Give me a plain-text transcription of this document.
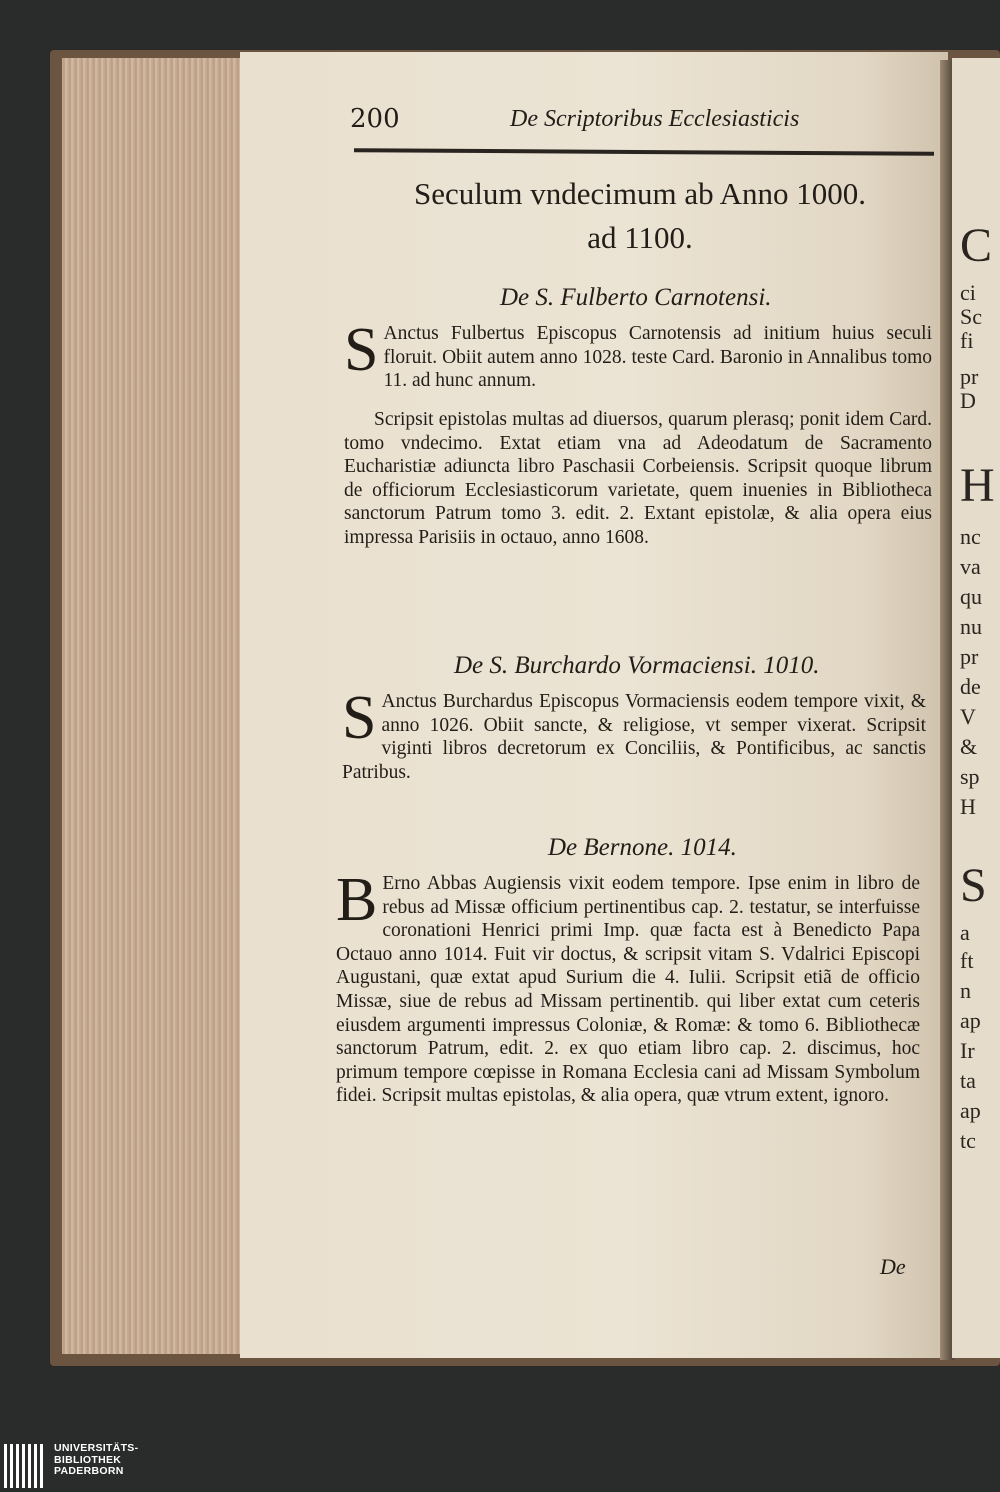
C
ci
Sc
fi
pr
D
H
nc
va
qu
nu
pr
de
V
&
sp
H
S
a
ft
n
ap
Ir
ta
ap
tc
200	De Scriptoribus Ecclesiasticis
Seculum vndecimum ab Anno 1000.
ad 1100.
De S. Fulberto Carnotensi.
S Anctus Fulbertus Episcopus Carnotensis ad initium huius seculi floruit. Obiit autem anno 1028. teste Card. Baronio in Annalibus tomo 11. ad hunc annum.
Scripsit epistolas multas ad diuersos, quarum plerasq; ponit idem Card. tomo vndecimo. Extat etiam vna ad Adeodatum de Sacramento Eucharistiæ adiuncta libro Paschasii Corbeiensis. Scripsit quoque librum de officiorum Ecclesiasticorum varietate, quem inuenies in Bibliotheca sanctorum Patrum tomo 3. edit. 2. Extant epistolæ, & alia opera eius impressa Parisiis in octauo, anno 1608.
De S. Burchardo Vormaciensi. 1010.
S Anctus Burchardus Episcopus Vormaciensis eodem tempore vixit, & anno 1026. Obiit sancte, & religiose, vt semper vixerat. Scripsit viginti libros decretorum ex Conciliis, & Pontificibus, ac sanctis Patribus.
De Bernone. 1014.
B Erno Abbas Augiensis vixit eodem tempore. Ipse enim in libro de rebus ad Missæ officium pertinentibus cap. 2. testatur, se interfuisse coronationi Henrici primi Imp. quæ facta est à Benedicto Papa Octauo anno 1014. Fuit vir doctus, & scripsit vitam S. Vdalrici Episcopi Augustani, quæ extat apud Surium die 4. Iulii. Scripsit etiã de officio Missæ, siue de rebus ad Missam pertinentib. qui liber extat cum ceteris eiusdem argumenti impressus Coloniæ, & Romæ: & tomo 6. Bibliothecæ sanctorum Patrum, edit. 2. ex quo etiam libro cap. 2. discimus, hoc primum tempore cœpisse in Romana Ecclesia cani ad Missam Symbolum fidei. Scripsit multas epistolas, & alia opera, quæ vtrum extent, ignoro.
De
UNIVERSITÄTS-
BIBLIOTHEK
PADERBORN
